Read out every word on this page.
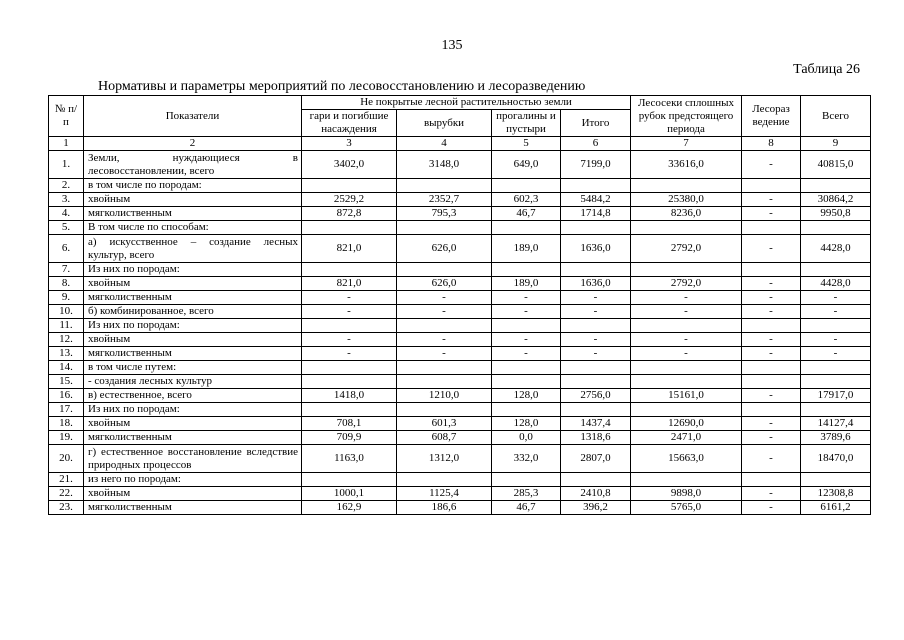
135
Таблица 26
Нормативы и параметры мероприятий по лесовосстановлению и лесоразведению
№ п/п	Показатели	Не покрытые лесной растительностью земли				Лесосеки сплошных рубок предстоящего периода	Лесораз ведение	Всего
		гари и погибшие насаждения	вырубки	прогалины и пустыри	Итого			
1	2	3	4	5	6	7	8	9
1.	Земли, нуждающиеся в лесовосстановлении, всего	3402,0	3148,0	649,0	7199,0	33616,0	-	40815,0
2.	в том числе по породам:							
3.	хвойным	2529,2	2352,7	602,3	5484,2	25380,0	-	30864,2
4.	мягколиственным	872,8	795,3	46,7	1714,8	8236,0	-	9950,8
5.	В том числе по способам:							
6.	а) искусственное – создание лесных культур, всего	821,0	626,0	189,0	1636,0	2792,0	-	4428,0
7.	Из них по породам:							
8.	хвойным	821,0	626,0	189,0	1636,0	2792,0	-	4428,0
9.	мягколиственным	-	-	-	-	-	-	-
10.	б) комбинированное, всего	-	-	-	-	-	-	-
11.	Из них по породам:							
12.	хвойным	-	-	-	-	-	-	-
13.	мягколиственным	-	-	-	-	-	-	-
14.	в том числе путем:							
15.	- создания лесных культур							
16.	в) естественное, всего	1418,0	1210,0	128,0	2756,0	15161,0	-	17917,0
17.	Из них по породам:							
18.	хвойным	708,1	601,3	128,0	1437,4	12690,0	-	14127,4
19.	мягколиственным	709,9	608,7	0,0	1318,6	2471,0	-	3789,6
20.	г) естественное восстановление вследствие природных процессов	1163,0	1312,0	332,0	2807,0	15663,0	-	18470,0
21.	из него по породам:							
22.	хвойным	1000,1	1125,4	285,3	2410,8	9898,0	-	12308,8
23.	мягколиственным	162,9	186,6	46,7	396,2	5765,0	-	6161,2
